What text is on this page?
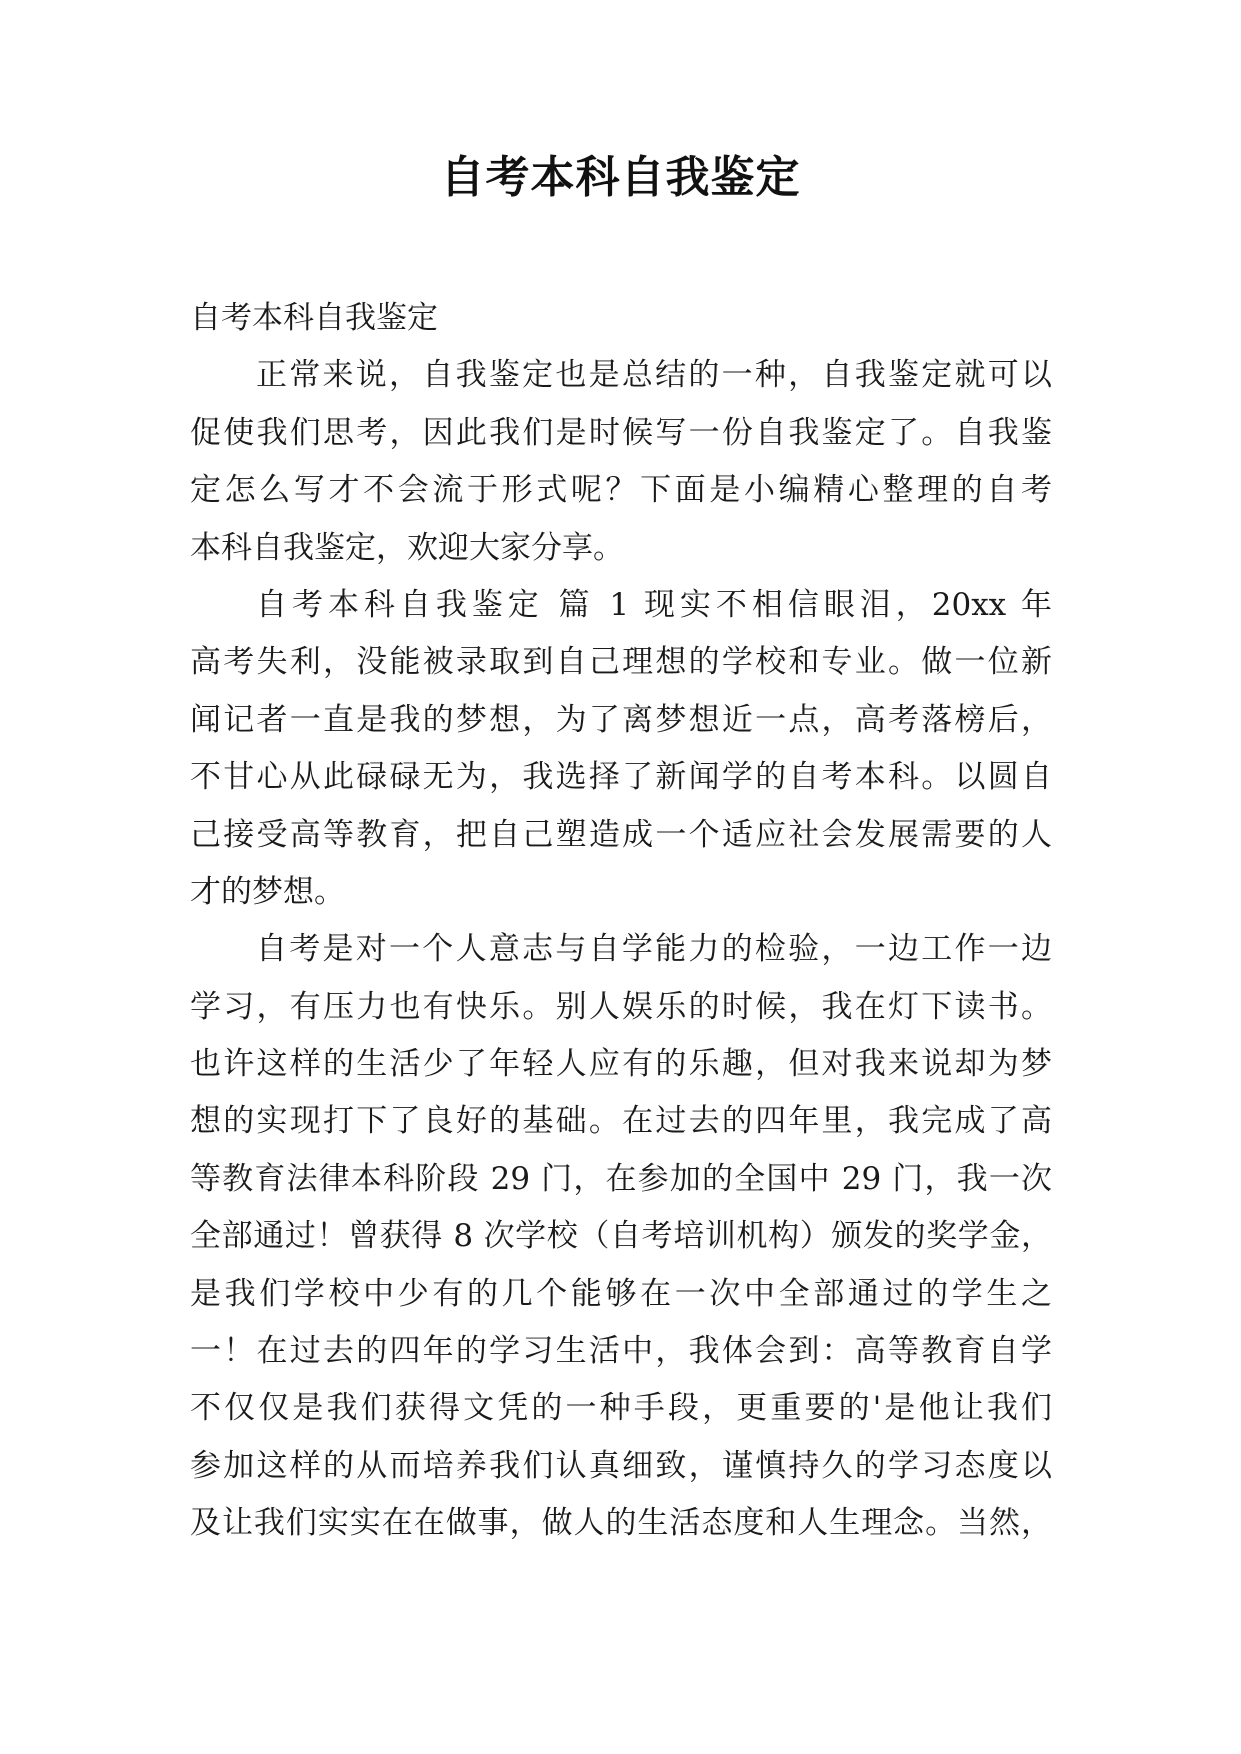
自考本科自我鉴定
自考本科自我鉴定
正常来说，自我鉴定也是总结的一种，自我鉴定就可以
促使我们思考，因此我们是时候写一份自我鉴定了。自我鉴
定怎么写才不会流于形式呢？下面是小编精心整理的自考
本科自我鉴定，欢迎大家分享。
自考本科自我鉴定 篇 1 现实不相信眼泪，20xx 年
高考失利，没能被录取到自己理想的学校和专业。做一位新
闻记者一直是我的梦想，为了离梦想近一点，高考落榜后，
不甘心从此碌碌无为，我选择了新闻学的自考本科。以圆自
己接受高等教育，把自己塑造成一个适应社会发展需要的人
才的梦想。
自考是对一个人意志与自学能力的检验，一边工作一边
学习，有压力也有快乐。别人娱乐的时候，我在灯下读书。
也许这样的生活少了年轻人应有的乐趣，但对我来说却为梦
想的实现打下了良好的基础。在过去的四年里，我完成了高
等教育法律本科阶段 29 门，在参加的全国中 29 门，我一次
全部通过！曾获得 8 次学校（自考培训机构）颁发的奖学金，
是我们学校中少有的几个能够在一次中全部通过的学生之
一！在过去的四年的学习生活中，我体会到：高等教育自学
不仅仅是我们获得文凭的一种手段，更重要的'是他让我们
参加这样的从而培养我们认真细致，谨慎持久的学习态度以
及让我们实实在在做事，做人的生活态度和人生理念。当然，
